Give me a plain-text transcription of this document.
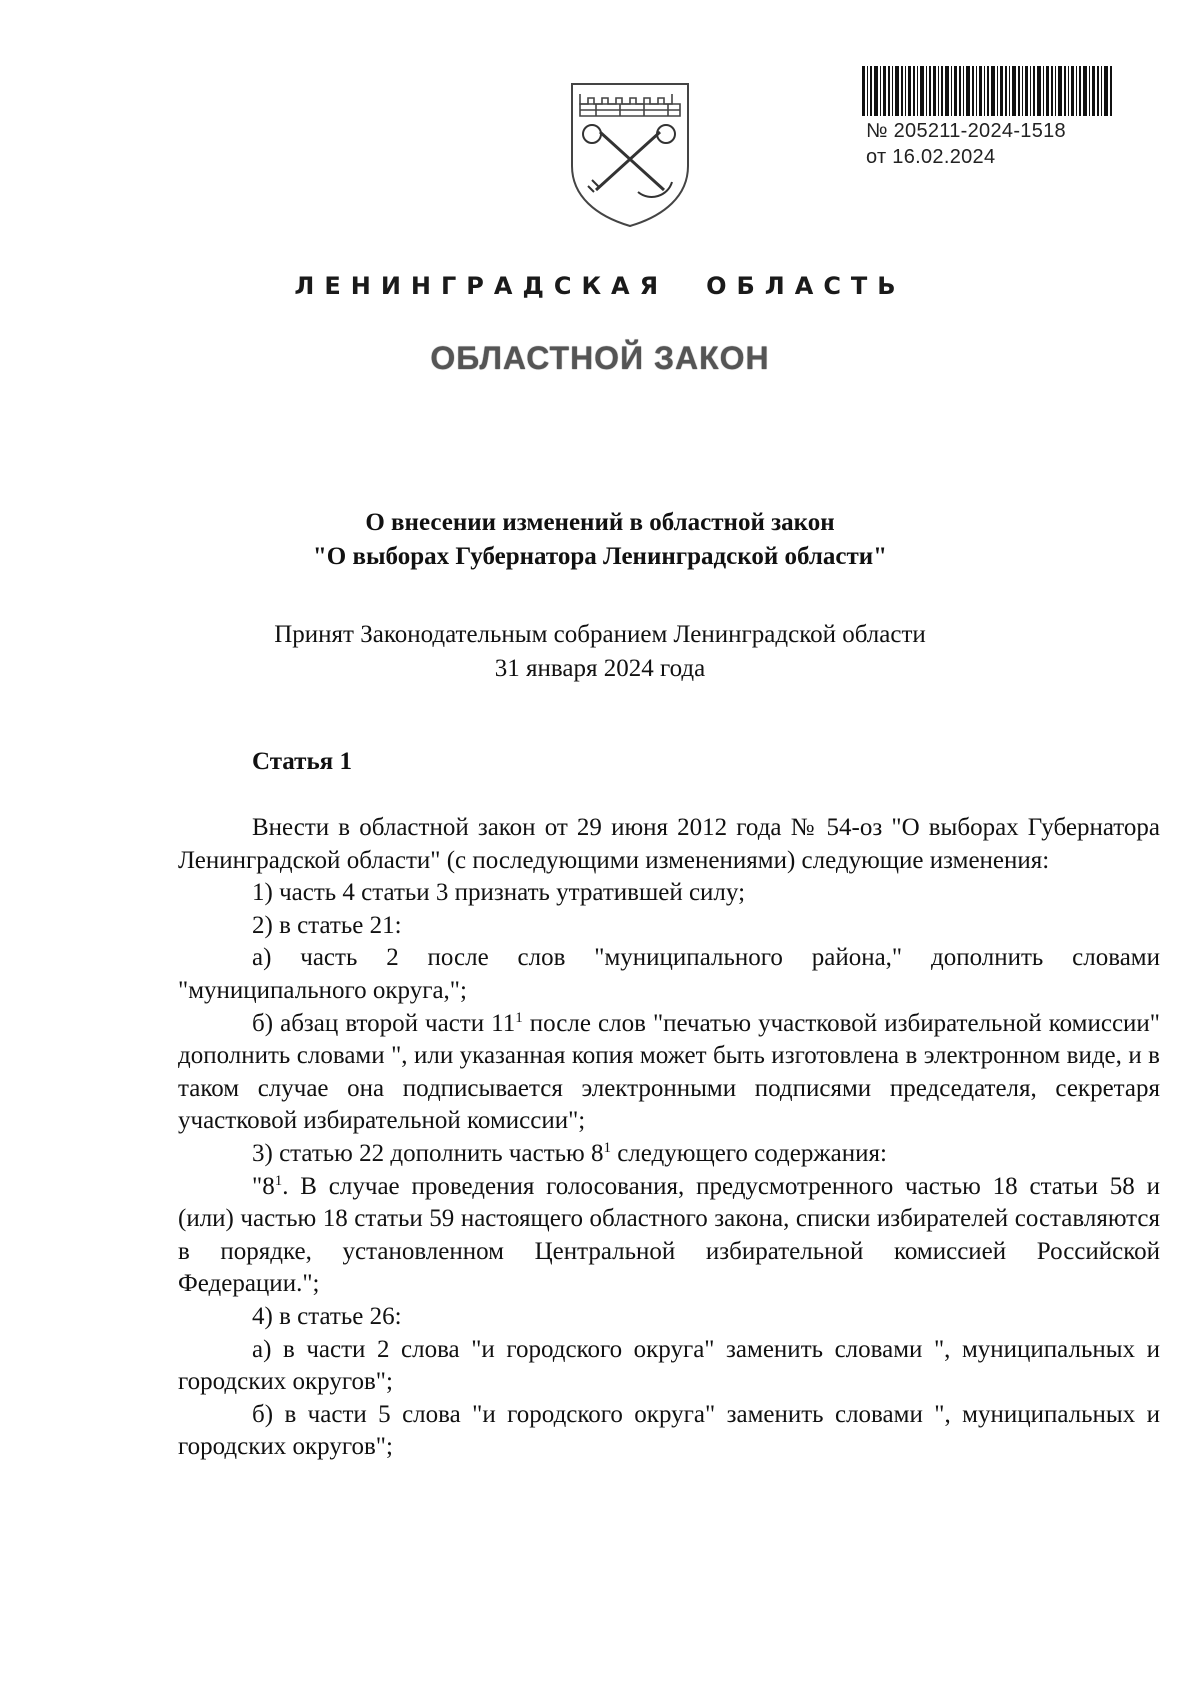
№ 205211-2024-1518
от 16.02.2024
ЛЕНИНГРАДСКАЯ ОБЛАСТЬ
ОБЛАСТНОЙ ЗАКОН
О внесении изменений в областной закон
"О выборах Губернатора Ленинградской области"
Принят Законодательным собранием Ленинградской области
31 января 2024 года
Статья 1

Внести в областной закон от 29 июня 2012 года № 54-оз "О выборах Губернатора Ленинградской области" (с последующими изменениями) следующие изменения:

1) часть 4 статьи 3 признать утратившей силу;

2) в статье 21:

а) часть 2 после слов "муниципального района," дополнить словами "муниципального округа,";

б) абзац второй части $11^1$ после слов "печатью участковой избирательной комиссии" дополнить словами ", или указанная копия может быть изготовлена в электронном виде, и в таком случае она подписывается электронными подписями председателя, секретаря участковой избирательной комиссии";

3) статью 22 дополнить частью $8^1$ следующего содержания:

"$8^1$. В случае проведения голосования, предусмотренного частью 18 статьи 58 и (или) частью 18 статьи 59 настоящего областного закона, списки избирателей составляются в порядке, установленном Центральной избирательной комиссией Российской Федерации.";

4) в статье 26:

а) в части 2 слова "и городского округа" заменить словами ", муниципальных и городских округов";

б) в части 5 слова "и городского округа" заменить словами ", муниципальных и городских округов";
